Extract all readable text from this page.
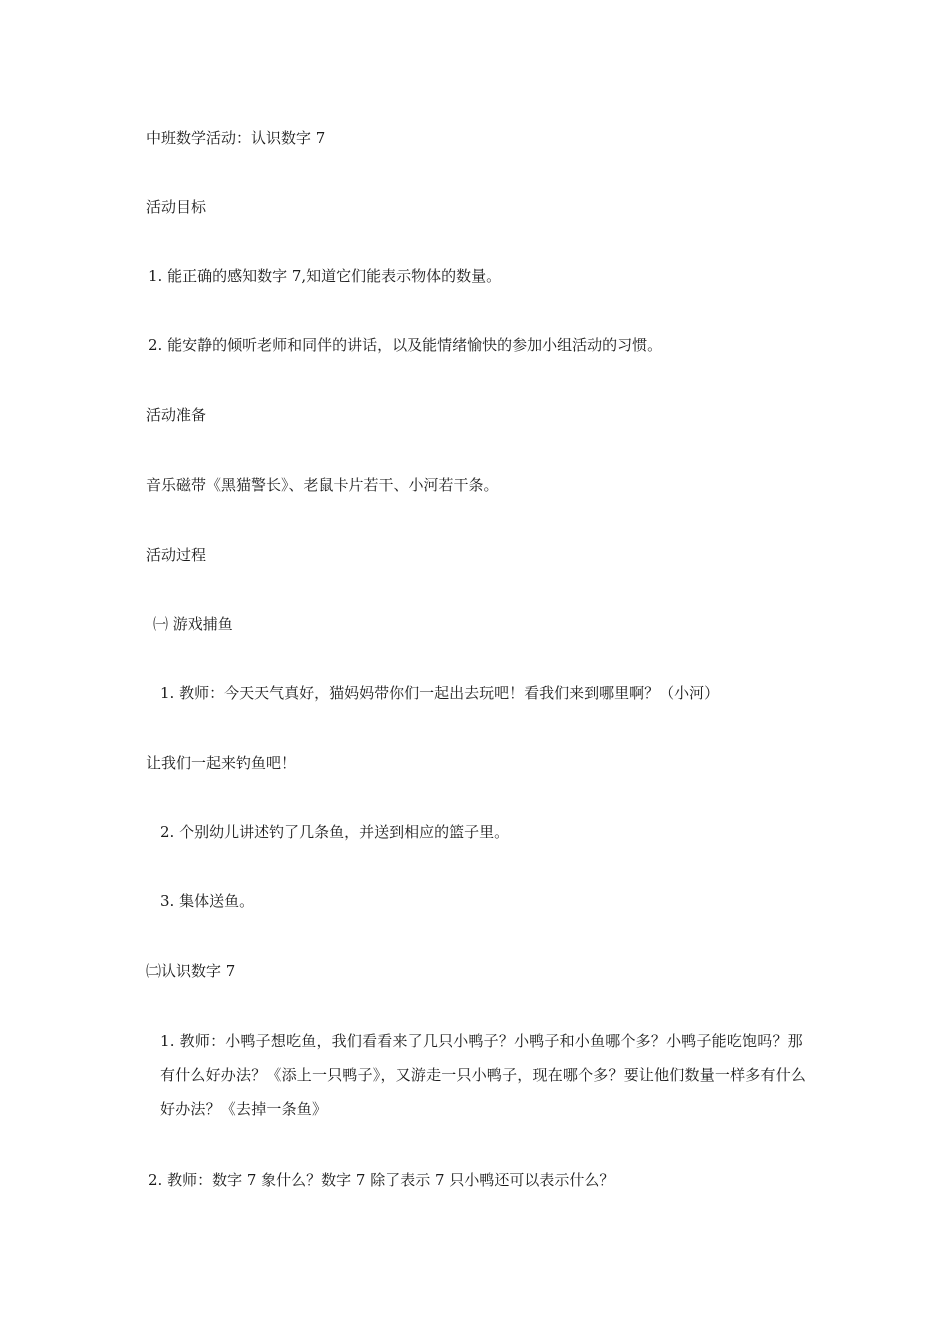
中班数学活动：认识数字 7
活动目标
1. 能正确的感知数字 7,知道它们能表示物体的数量。
2. 能安静的倾听老师和同伴的讲话，以及能情绪愉快的参加小组活动的习惯。
活动准备
音乐磁带《黑猫警长》、老鼠卡片若干、小河若干条。
活动过程
㈠ 游戏捕鱼
1. 教师：今天天气真好，猫妈妈带你们一起出去玩吧！看我们来到哪里啊？（小河）
让我们一起来钓鱼吧！
2. 个别幼儿讲述钓了几条鱼，并送到相应的篮子里。
3. 集体送鱼。
㈡认识数字 7
1. 教师：小鸭子想吃鱼，我们看看来了几只小鸭子？小鸭子和小鱼哪个多？小鸭子能吃饱吗？那有什么好办法？《添上一只鸭子》，又游走一只小鸭子，现在哪个多？要让他们数量一样多有什么好办法？《去掉一条鱼》
2. 教师：数字 7 象什么？数字 7 除了表示 7 只小鸭还可以表示什么？
